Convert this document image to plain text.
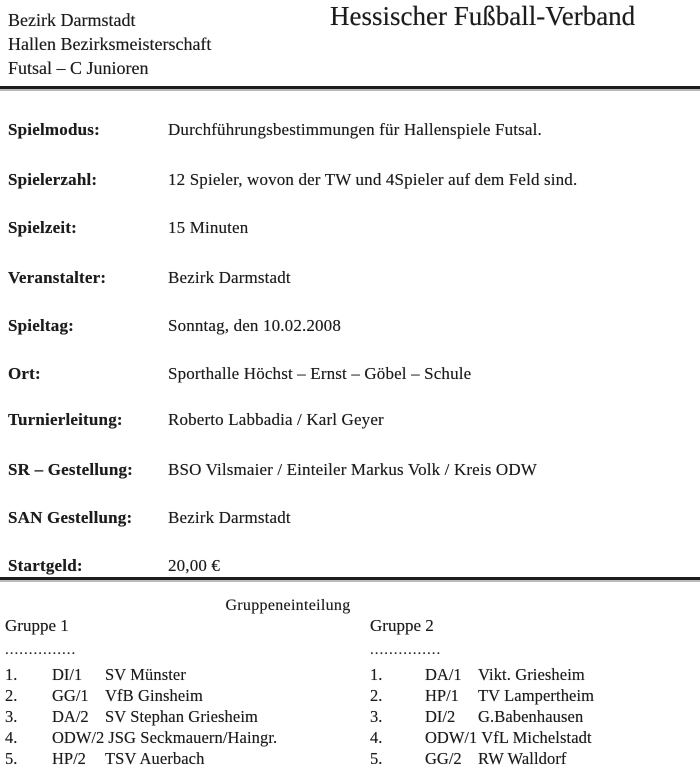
Bezirk Darmstadt
Hallen Bezirksmeisterschaft
Futsal – C Junioren
Hessischer Fußball-Verband
Spielmodus:	Durchführungsbestimmungen für Hallenspiele Futsal.
Spielerzahl:	12 Spieler, wovon der TW und 4Spieler auf dem Feld sind.
Spielzeit:	15 Minuten
Veranstalter:	Bezirk Darmstadt
Spieltag:	Sonntag, den 10.02.2008
Ort:	Sporthalle Höchst – Ernst – Göbel – Schule
Turnierleitung:	Roberto Labbadia / Karl Geyer
SR – Gestellung: BSO Vilsmaier / Einteiler Markus Volk / Kreis ODW
SAN Gestellung: Bezirk Darmstadt
Startgeld:	20,00 €
Gruppeneinteilung
Gruppe 1
...............
1.	DI/1	SV Münster
2.	GG/1 VfB Ginsheim
3.	DA/2 SV Stephan Griesheim
4.	ODW/2 JSG Seckmauern/Haingr.
5.	HP/2	TSV Auerbach
Gruppe 2
...............
1.	DA/1 Vikt. Griesheim
2.	HP/1	TV Lampertheim
3.	DI/2	G.Babenhausen
4.	ODW/1 VfL Michelstadt
5.	GG/2 RW Walldorf
